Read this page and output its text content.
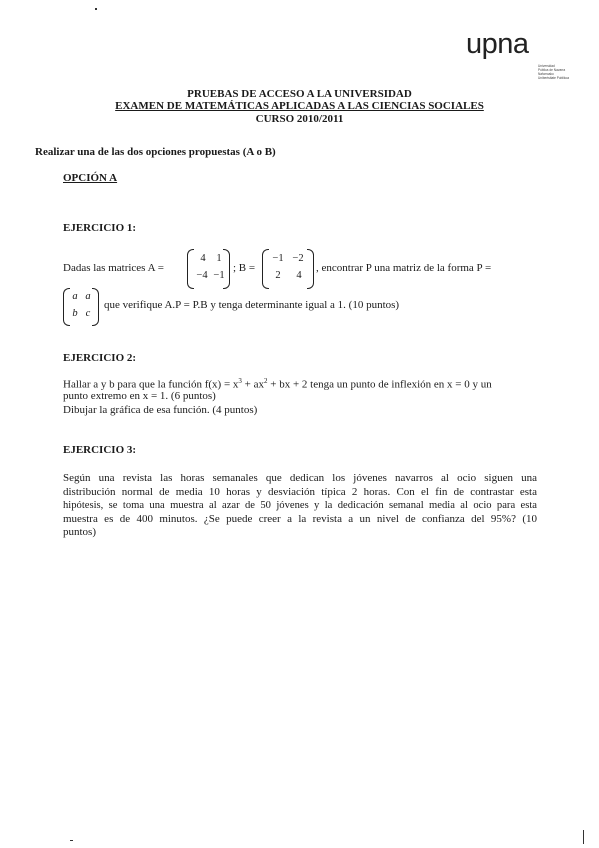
upna
Universidad
Pública de Navarra
Nafarroako
Unibertsitate Publikoa
PRUEBAS DE ACCESO A LA UNIVERSIDAD
EXAMEN DE MATEMÁTICAS APLICADAS A LAS CIENCIAS SOCIALES
CURSO 2010/2011
Realizar una de las dos opciones propuestas (A o B)
OPCIÓN A
EJERCICIO 1:
Dadas las matrices A =
4	1
−4 −1
; B =
−1 −2
2	4
, encontrar P una matriz de la forma P =
a a
b c
que verifique A.P = P.B y tenga determinante igual a 1. (10 puntos)
EJERCICIO 2:
Hallar a y b para que la función $f(x) = x^3 + ax^2$ + bx + 2 tenga un punto de inflexión en x = 0 y un
punto extremo en x = 1. (6 puntos)
Dibujar la gráfica de esa función. (4 puntos)
EJERCICIO 3:
Según una revista las horas semanales que dedican los jóvenes navarros al ocio siguen una
distribución normal de media 10 horas y desviación típica 2 horas. Con el fin de contrastar esta
hipótesis, se toma una muestra al azar de 50 jóvenes y la dedicación semanal media al ocio para esta
muestra es de 400 minutos. ¿Se puede creer a la revista a un nivel de confianza del 95%? (10
puntos)
